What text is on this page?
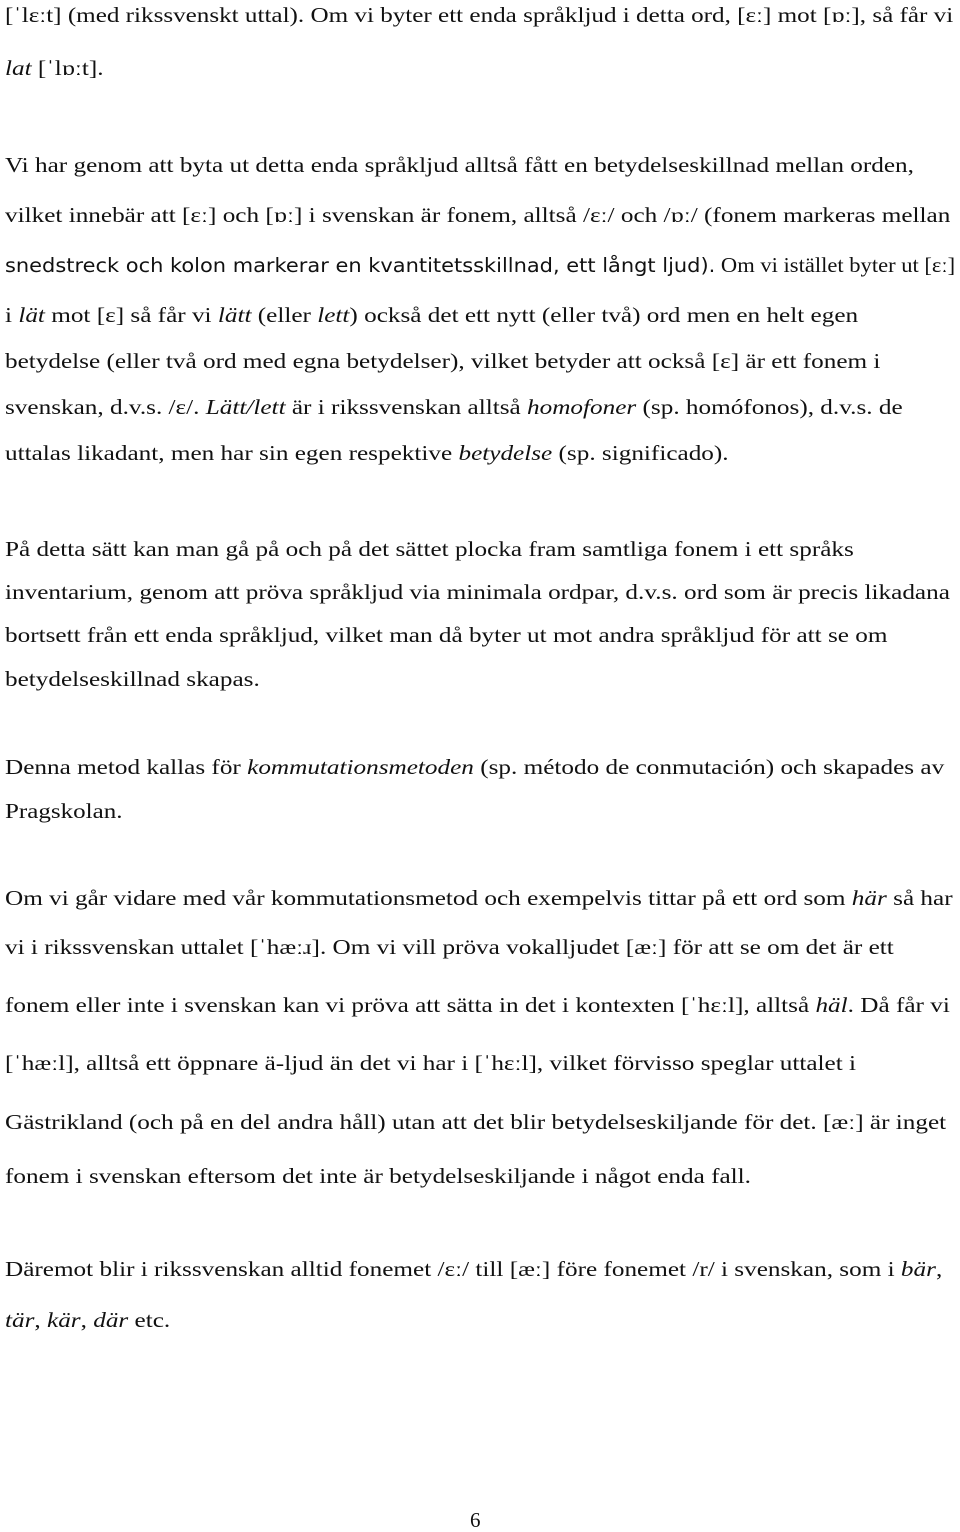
[ˈlɛːt] (med rikssvenskt uttal). Om vi byter ett enda språkljud i detta ord, [ɛː] mot [ɒː], så får vi
lat [ˈlɒːt].
Vi har genom att byta ut detta enda språkljud alltså fått en betydelseskillnad mellan orden,
vilket innebär att [ɛː] och [ɒː] i svenskan är fonem, alltså /ɛː/ och /ɒː/ (fonem markeras mellan
snedstreck och kolon markerar en kvantitetsskillnad, ett långt ljud). Om vi istället byter ut [ɛː]
i lät mot [ɛ] så får vi lätt (eller lett) också det ett nytt (eller två) ord men en helt egen
betydelse (eller två ord med egna betydelser), vilket betyder att också [ɛ] är ett fonem i
svenskan, d.v.s. /ɛ/. Lätt/lett är i rikssvenskan alltså homofoner (sp. homófonos), d.v.s. de
uttalas likadant, men har sin egen respektive betydelse (sp. significado).
På detta sätt kan man gå på och på det sättet plocka fram samtliga fonem i ett språks
inventarium, genom att pröva språkljud via minimala ordpar, d.v.s. ord som är precis likadana
bortsett från ett enda språkljud, vilket man då byter ut mot andra språkljud för att se om
betydelseskillnad skapas.
Denna metod kallas för kommutationsmetoden (sp. método de conmutación) och skapades av
Pragskolan.
Om vi går vidare med vår kommutationsmetod och exempelvis tittar på ett ord som här så har
vi i rikssvenskan uttalet [ˈhæːɹ]. Om vi vill pröva vokalljudet [æː] för att se om det är ett
fonem eller inte i svenskan kan vi pröva att sätta in det i kontexten [ˈhɛːl], alltså häl. Då får vi
[ˈhæːl], alltså ett öppnare ä-ljud än det vi har i [ˈhɛːl], vilket förvisso speglar uttalet i
Gästrikland (och på en del andra håll) utan att det blir betydelseskiljande för det. [æː] är inget
fonem i svenskan eftersom det inte är betydelseskiljande i något enda fall.
Däremot blir i rikssvenskan alltid fonemet /ɛː/ till [æː] före fonemet /r/ i svenskan, som i bär,
tär, kär, där etc.
6
